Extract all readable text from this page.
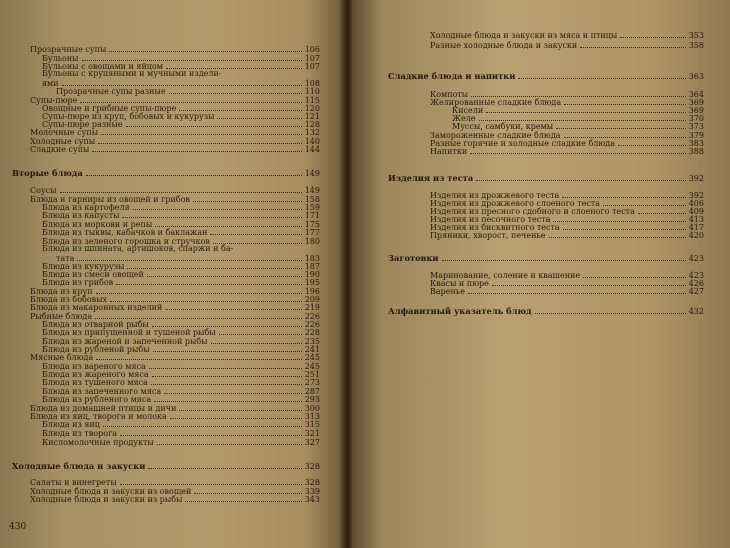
Прозрачные супы	106
Бульоны	107
Бульоны с овощами и яйцом	107
Бульоны с крупяными и мучными издели-
ями	108
Прозрачные супы разные	110
Супы-пюре	115
Овощные и грибные супы-пюре	120
Супы-пюре из круп, бобовых и кукурузы	121
Супы-пюре разные	128
Молочные супы	132
Холодные супы	140
Сладкие супы	144
Вторые блюда	149
Соусы	149
Блюда и гарниры из овощей и грибов	158
Блюда из картофеля	159
Блюда из капусты	171
Блюда из моркови и репы	175
Блюда из тыквы, кабачков и баклажан	177
Блюда из зеленого горошка и стручков	180
Блюда из шпината, артишоков, спаржи и ба-
тата	183
Блюда из кукурузы	187
Блюда из смеси овощей	190
Блюда из грибов	195
Блюда из круп	196
Блюда из бобовых	209
Блюда из макаронных изделий	219
Рыбные блюда	226
Блюда из отварной рыбы	226
Блюда из припущенной и тушеной рыбы	228
Блюда из жареной и запеченной рыбы	235
Блюда из рубленой рыбы	241
Мясные блюда	245
Блюда из вареного мяса	245
Блюда из жареного мяса	251
Блюда из тушеного мяса	273
Блюда из запеченного мяса	287
Блюда из рубленого мяса	293
Блюда из домашней птицы и дичи	300
Блюда из яиц, творога и молока	313
Блюда из яиц	315
Блюда из творога	321
Кисломолочные продукты	327
Холодные блюда и закуски	328
Салаты и винегреты	328
Холодные блюда и закуски из овощей	339
Холодные блюда и закуски из рыбы	343
430
Холодные блюда и закуски из мяса и птицы	353
Разные холодные блюда и закуски	358
Сладкие блюда и напитки	363
Компоты	364
Желированные сладкие блюда	369
Кисели	369
Желе	370
Муссы, самбуки, кремы	373
Замороженные сладкие блюда	379
Разные горячие и холодные сладкие блюда	383
Напитки	388
Изделия из теста	392
Изделия из дрожжевого теста	392
Изделия из дрожжевого слоеного теста	406
Изделия из пресного сдобного и слоеного теста	409
Изделия из песочного теста	413
Изделия из бисквитного теста	417
Пряники, хворост, печенье	420
Заготовки	423
Маринование, соление и квашение	423
Квасы и пюре	426
Варенье	427
Алфавитный указатель блюд	432
